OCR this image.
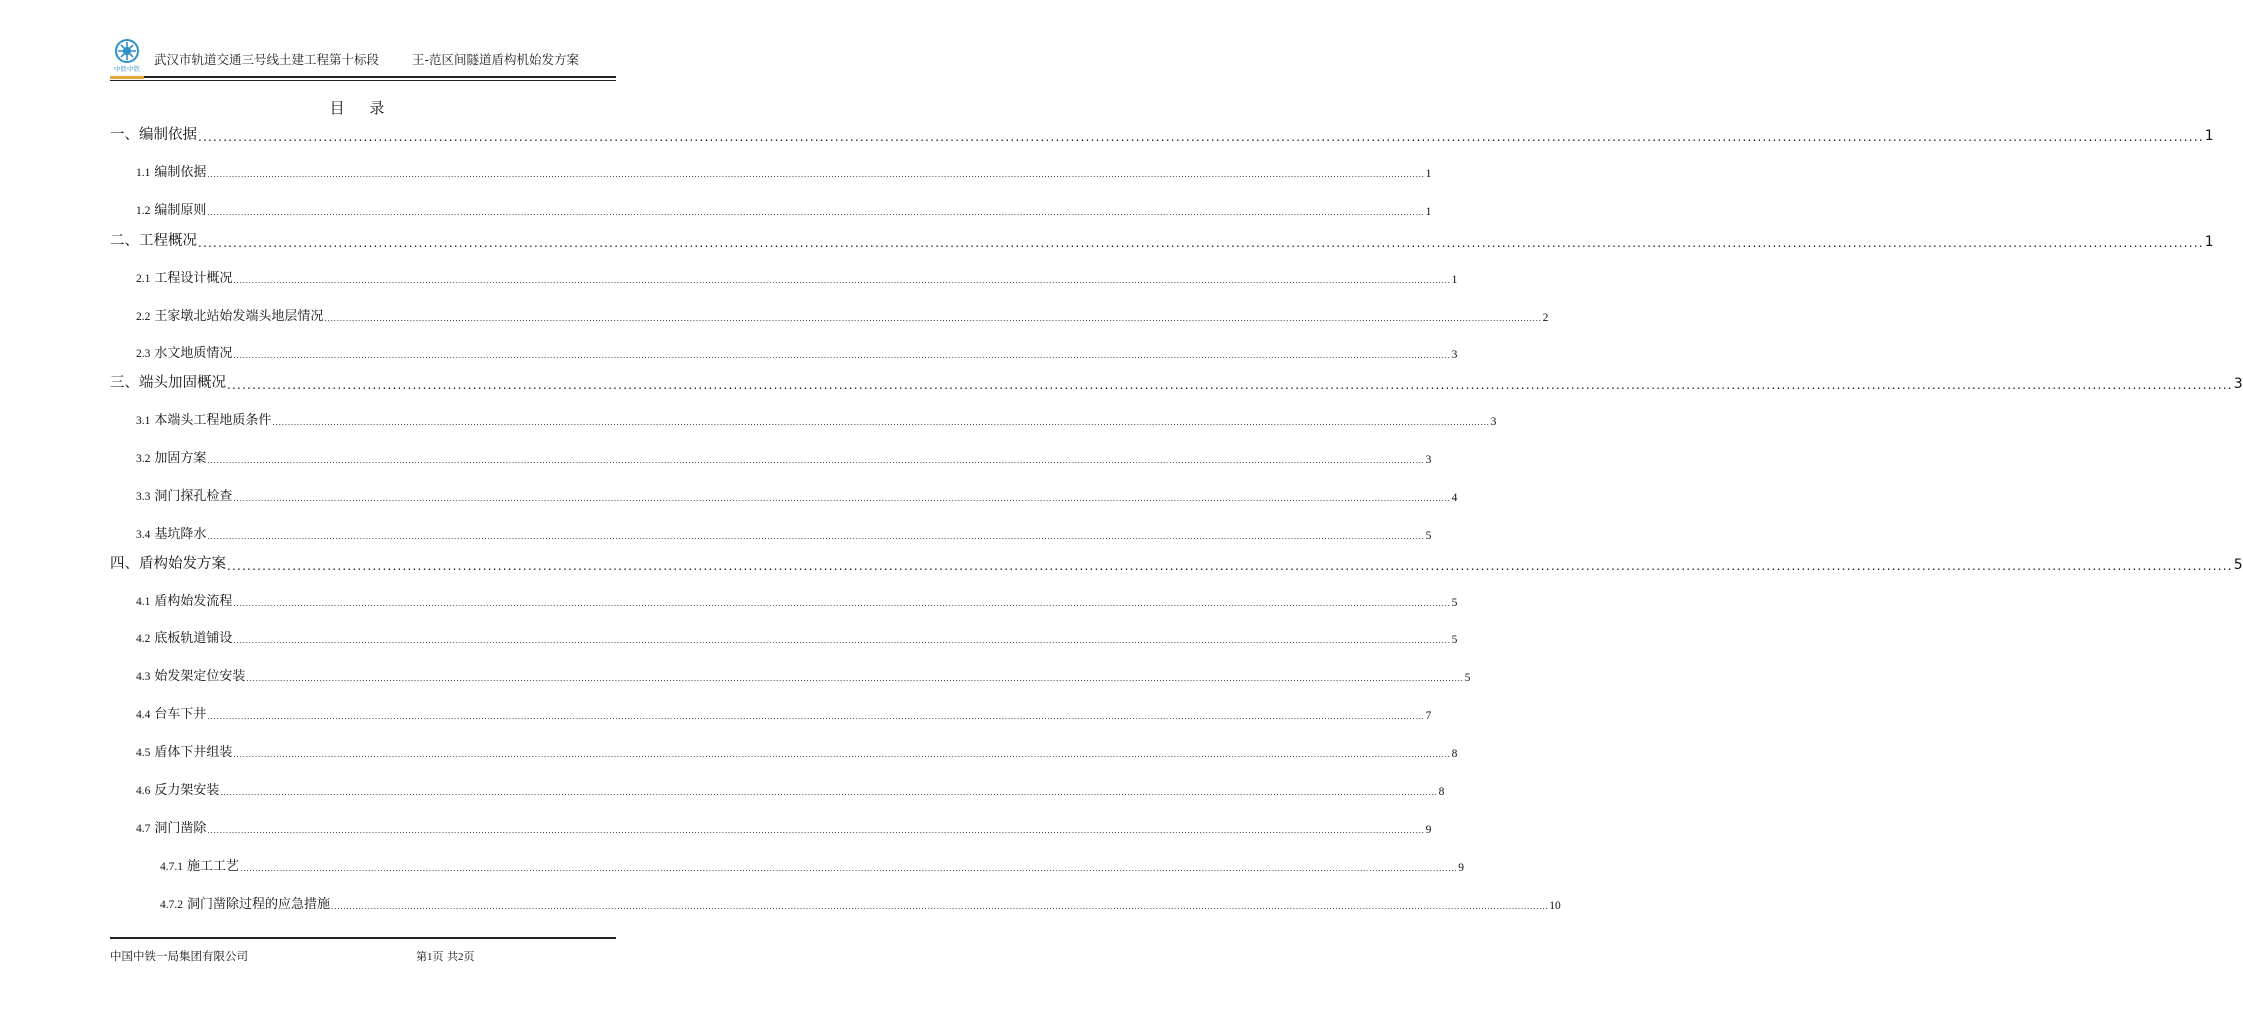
中铁中铁
武汉市轨道交通三号线土建工程第十标段	王-范区间隧道盾构机始发方案
目 录
一、编制依据 ................................................................................................................................................................................................................................................................................................................................................................................................................ 1
1.1 编制依据 ................................................................................................................................................................................................................................................................................................................................................................................................................ 1
1.2 编制原则 ................................................................................................................................................................................................................................................................................................................................................................................................................ 1
二、工程概况 ................................................................................................................................................................................................................................................................................................................................................................................................................ 1
2.1 工程设计概况 ................................................................................................................................................................................................................................................................................................................................................................................................................ 1
2.2 王家墩北站始发端头地层情况 ................................................................................................................................................................................................................................................................................................................................................................................................................ 2
2.3 水文地质情况 ................................................................................................................................................................................................................................................................................................................................................................................................................ 3
三、端头加固概况 ................................................................................................................................................................................................................................................................................................................................................................................................................ 3
3.1 本端头工程地质条件 ................................................................................................................................................................................................................................................................................................................................................................................................................ 3
3.2 加固方案 ................................................................................................................................................................................................................................................................................................................................................................................................................ 3
3.3 洞门探孔检查 ................................................................................................................................................................................................................................................................................................................................................................................................................ 4
3.4 基坑降水 ................................................................................................................................................................................................................................................................................................................................................................................................................ 5
四、盾构始发方案 ................................................................................................................................................................................................................................................................................................................................................................................................................ 5
4.1 盾构始发流程 ................................................................................................................................................................................................................................................................................................................................................................................................................ 5
4.2 底板轨道铺设 ................................................................................................................................................................................................................................................................................................................................................................................................................ 5
4.3 始发架定位安装 ................................................................................................................................................................................................................................................................................................................................................................................................................ 5
4.4 台车下井 ................................................................................................................................................................................................................................................................................................................................................................................................................ 7
4.5 盾体下井组装 ................................................................................................................................................................................................................................................................................................................................................................................................................ 8
4.6 反力架安装 ................................................................................................................................................................................................................................................................................................................................................................................................................ 8
4.7 洞门凿除 ................................................................................................................................................................................................................................................................................................................................................................................................................ 9
4.7.1 施工工艺 ................................................................................................................................................................................................................................................................................................................................................................................................................ 9
4.7.2 洞门凿除过程的应急措施 ................................................................................................................................................................................................................................................................................................................................................................................................................ 10
中国中铁一局集团有限公司	第1页 共2页
